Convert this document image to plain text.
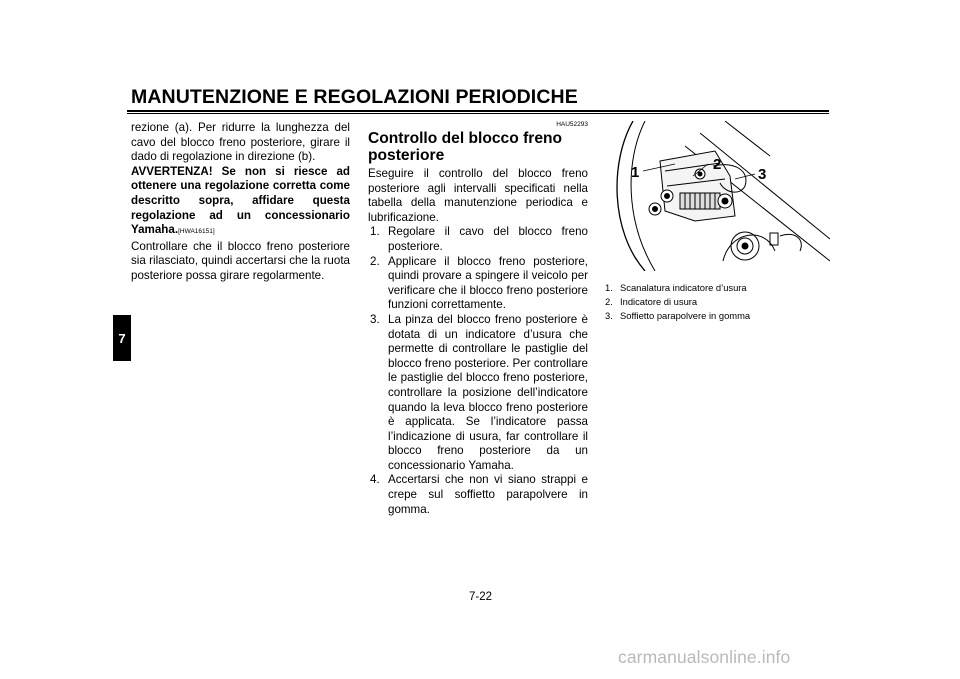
MANUTENZIONE E REGOLAZIONI PERIODICHE
7
rezione (a). Per ridurre la lunghezza del cavo del blocco freno posteriore, girare il dado di regolazione in direzione (b).
AVVERTENZA! Se non si riesce ad ottenere una regolazione corretta come descritto sopra, affidare questa regolazione ad un concessionario Yamaha.[HWA16151]
Controllare che il blocco freno posteriore sia rilasciato, quindi accertarsi che la ruota posteriore possa girare regolarmente.
HAU52293
Controllo del blocco freno posteriore
Eseguire il controllo del blocco freno posteriore agli intervalli specificati nella tabella della manutenzione periodica e lubrificazione.
1. Regolare il cavo del blocco freno posteriore.
2. Applicare il blocco freno posteriore, quindi provare a spingere il veicolo per verificare che il blocco freno posteriore funzioni correttamente.
3. La pinza del blocco freno posteriore è dotata di un indicatore d’usura che permette di controllare le pastiglie del blocco freno posteriore. Per controllare le pastiglie del blocco freno posteriore, controllare la posizione dell’indicatore quando la leva blocco freno posteriore è applicata. Se l’indicatore passa l’indicazione di usura, far controllare il blocco freno posteriore da un concessionario Yamaha.
4. Accertarsi che non vi siano strappi e crepe sul soffietto parapolvere in gomma.
1	2
3
1. Scanalatura indicatore d’usura
2. Indicatore di usura
3. Soffietto parapolvere in gomma
7-22
carmanualsonline.info
